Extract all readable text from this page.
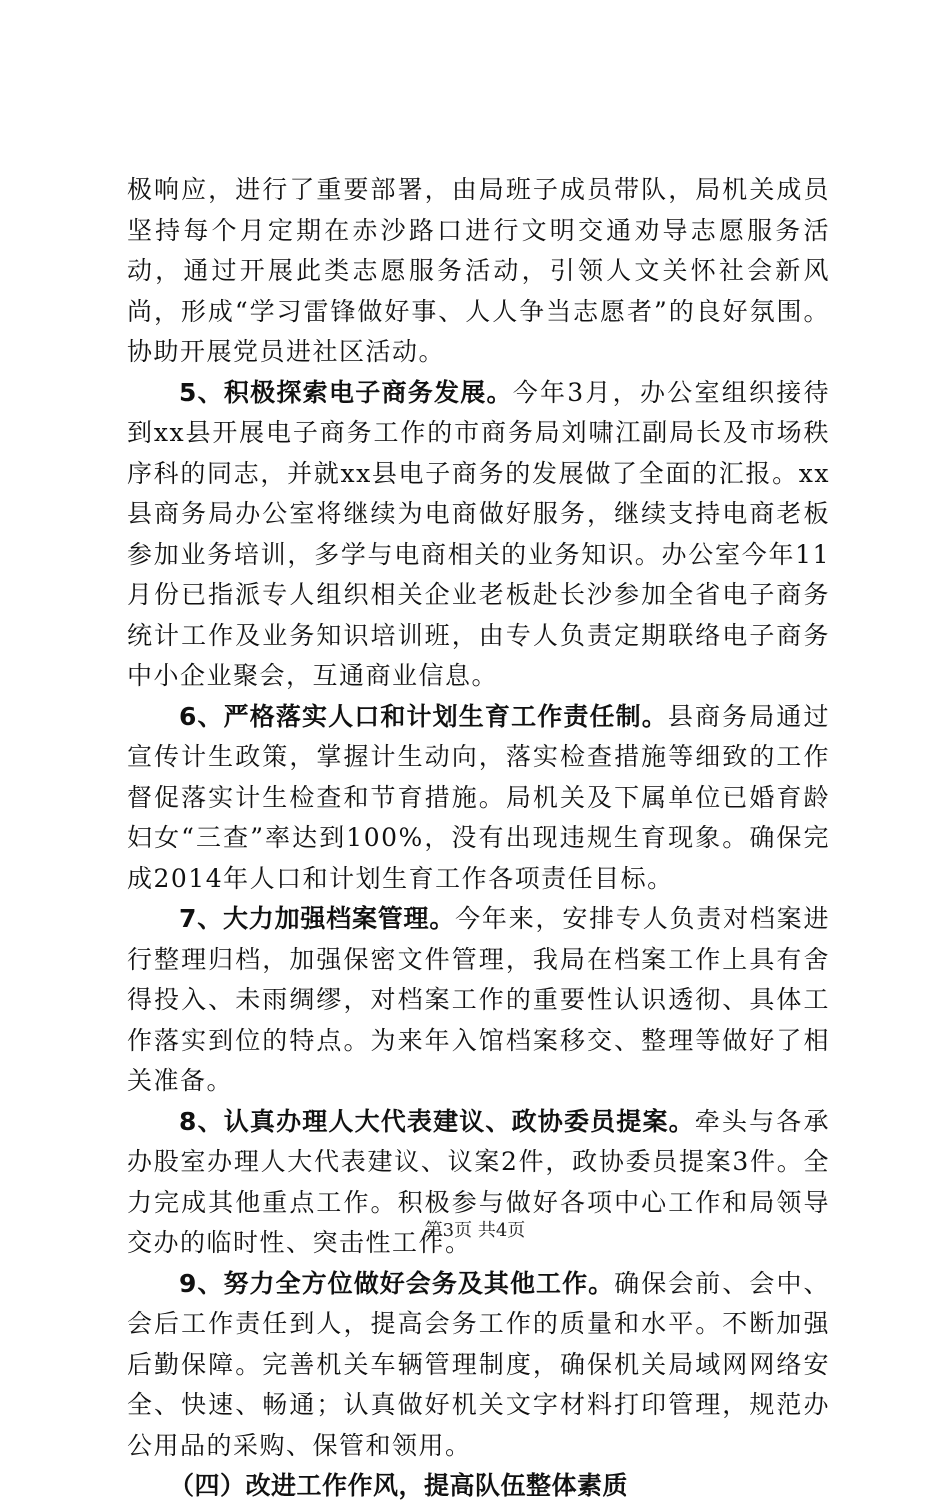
极响应，进行了重要部署，由局班子成员带队，局机关成员坚持每个月定期在赤沙路口进行文明交通劝导志愿服务活动，通过开展此类志愿服务活动，引领人文关怀社会新风尚，形成“学习雷锋做好事、人人争当志愿者”的良好氛围。协助开展党员进社区活动。

5、积极探索电子商务发展。今年3月，办公室组织接待到xx县开展电子商务工作的市商务局刘啸江副局长及市场秩序科的同志，并就xx县电子商务的发展做了全面的汇报。xx县商务局办公室将继续为电商做好服务，继续支持电商老板参加业务培训，多学与电商相关的业务知识。办公室今年11月份已指派专人组织相关企业老板赴长沙参加全省电子商务统计工作及业务知识培训班，由专人负责定期联络电子商务中小企业聚会，互通商业信息。

6、严格落实人口和计划生育工作责任制。县商务局通过宣传计生政策，掌握计生动向，落实检查措施等细致的工作督促落实计生检查和节育措施。局机关及下属单位已婚育龄妇女“三查”率达到100%，没有出现违规生育现象。确保完成2014年人口和计划生育工作各项责任目标。

7、大力加强档案管理。今年来，安排专人负责对档案进行整理归档，加强保密文件管理，我局在档案工作上具有舍得投入、未雨绸缪，对档案工作的重要性认识透彻、具体工作落实到位的特点。为来年入馆档案移交、整理等做好了相关准备。

8、认真办理人大代表建议、政协委员提案。牵头与各承办股室办理人大代表建议、议案2件，政协委员提案3件。全力完成其他重点工作。积极参与做好各项中心工作和局领导交办的临时性、突击性工作。

9、努力全方位做好会务及其他工作。确保会前、会中、会后工作责任到人，提高会务工作的质量和水平。不断加强后勤保障。完善机关车辆管理制度，确保机关局域网网络安全、快速、畅通；认真做好机关文字材料打印管理，规范办公用品的采购、保管和领用。

（四）改进工作作风，提高队伍整体素质

第3页 共4页
